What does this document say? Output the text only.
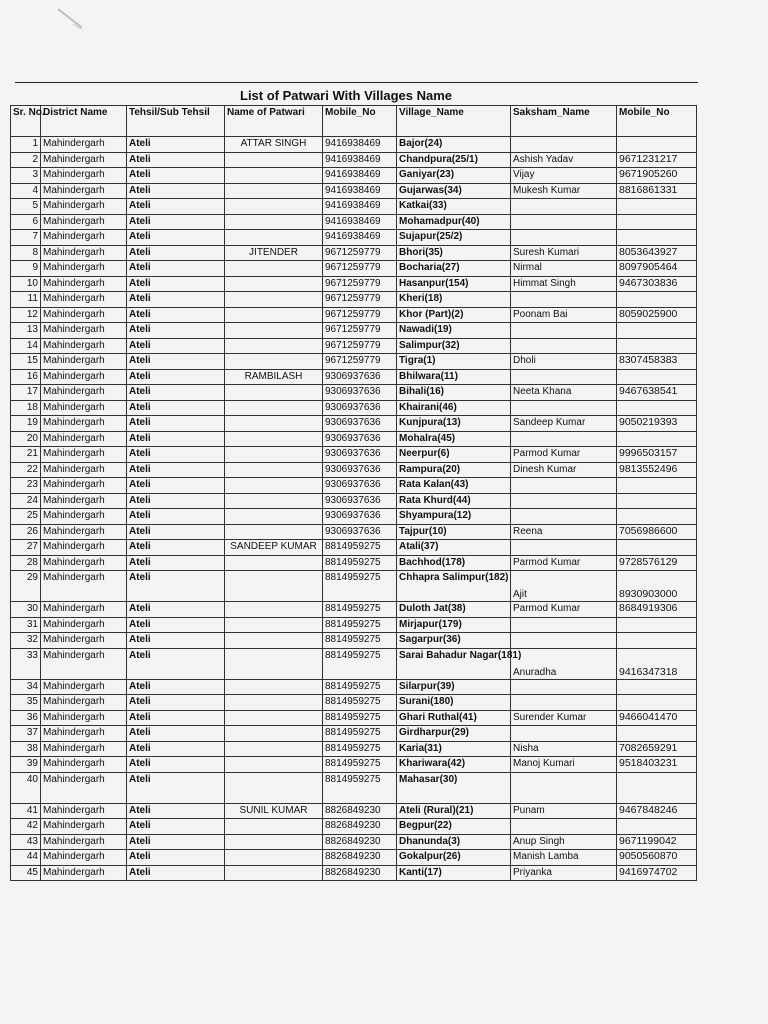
List of Patwari With Villages Name
Sr. No.	District Name	Tehsil/Sub Tehsil	Name of Patwari	Mobile_No	Village_Name	Saksham_Name	Mobile_No
1	Mahindergarh	Ateli	ATTAR SINGH	9416938469	Bajor(24)		
2	Mahindergarh	Ateli		9416938469	Chandpura(25/1)	Ashish Yadav	9671231217
3	Mahindergarh	Ateli		9416938469	Ganiyar(23)	Vijay	9671905260
4	Mahindergarh	Ateli		9416938469	Gujarwas(34)	Mukesh Kumar	8816861331
5	Mahindergarh	Ateli		9416938469	Katkai(33)		
6	Mahindergarh	Ateli		9416938469	Mohamadpur(40)		
7	Mahindergarh	Ateli		9416938469	Sujapur(25/2)		
8	Mahindergarh	Ateli	JITENDER	9671259779	Bhori(35)	Suresh Kumari	8053643927
9	Mahindergarh	Ateli		9671259779	Bocharia(27)	Nirmal	8097905464
10	Mahindergarh	Ateli		9671259779	Hasanpur(154)	Himmat Singh	9467303836
11	Mahindergarh	Ateli		9671259779	Kheri(18)		
12	Mahindergarh	Ateli		9671259779	Khor (Part)(2)	Poonam Bai	8059025900
13	Mahindergarh	Ateli		9671259779	Nawadi(19)		
14	Mahindergarh	Ateli		9671259779	Salimpur(32)		
15	Mahindergarh	Ateli		9671259779	Tigra(1)	Dholi	8307458383
16	Mahindergarh	Ateli	RAMBILASH	9306937636	Bhilwara(11)		
17	Mahindergarh	Ateli		9306937636	Bihali(16)	Neeta Khana	9467638541
18	Mahindergarh	Ateli		9306937636	Khairani(46)		
19	Mahindergarh	Ateli		9306937636	Kunjpura(13)	Sandeep Kumar	9050219393
20	Mahindergarh	Ateli		9306937636	Mohalra(45)		
21	Mahindergarh	Ateli		9306937636	Neerpur(6)	Parmod Kumar	9996503157
22	Mahindergarh	Ateli		9306937636	Rampura(20)	Dinesh Kumar	9813552496
23	Mahindergarh	Ateli		9306937636	Rata Kalan(43)		
24	Mahindergarh	Ateli		9306937636	Rata Khurd(44)		
25	Mahindergarh	Ateli		9306937636	Shyampura(12)		
26	Mahindergarh	Ateli		9306937636	Tajpur(10)	Reena	7056986600
27	Mahindergarh	Ateli	SANDEEP KUMAR	8814959275	Atali(37)		
28	Mahindergarh	Ateli		8814959275	Bachhod(178)	Parmod Kumar	9728576129
29	Mahindergarh	Ateli		8814959275	Chhapra Salimpur(182)	Ajit	8930903000
30	Mahindergarh	Ateli		8814959275	Duloth Jat(38)	Parmod Kumar	8684919306
31	Mahindergarh	Ateli		8814959275	Mirjapur(179)		
32	Mahindergarh	Ateli		8814959275	Sagarpur(36)		
33	Mahindergarh	Ateli		8814959275	Sarai Bahadur Nagar(181)	Anuradha	9416347318
34	Mahindergarh	Ateli		8814959275	Silarpur(39)		
35	Mahindergarh	Ateli		8814959275	Surani(180)		
36	Mahindergarh	Ateli		8814959275	Ghari Ruthal(41)	Surender Kumar	9466041470
37	Mahindergarh	Ateli		8814959275	Girdharpur(29)		
38	Mahindergarh	Ateli		8814959275	Karia(31)	Nisha	7082659291
39	Mahindergarh	Ateli		8814959275	Khariwara(42)	Manoj Kumari	9518403231
40	Mahindergarh	Ateli		8814959275	Mahasar(30)		
41	Mahindergarh	Ateli	SUNIL KUMAR	8826849230	Ateli (Rural)(21)	Punam	9467848246
42	Mahindergarh	Ateli		8826849230	Begpur(22)		
43	Mahindergarh	Ateli		8826849230	Dhanunda(3)	Anup Singh	9671199042
44	Mahindergarh	Ateli		8826849230	Gokalpur(26)	Manish Lamba	9050560870
45	Mahindergarh	Ateli		8826849230	Kanti(17)	Priyanka	9416974702
